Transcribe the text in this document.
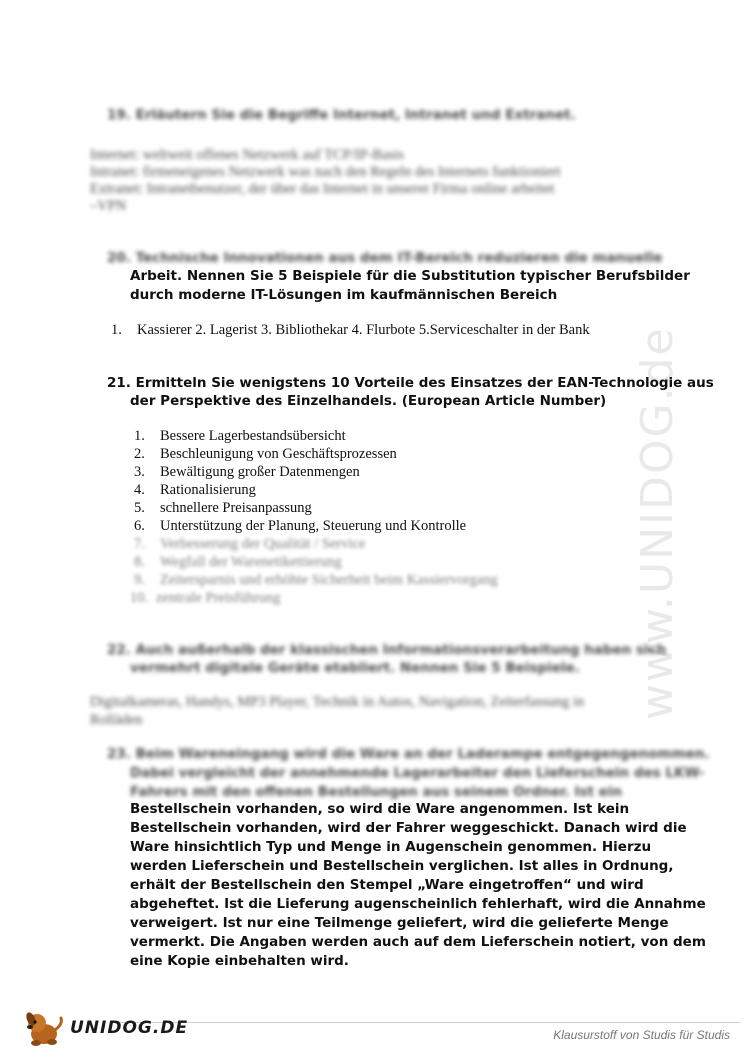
www.UNIDOG.de
19. Erläutern Sie die Begriffe Internet, Intranet und Extranet.
Internet: weltweit offenes Netzwerk auf TCP/IP-Basis
Intranet: firmeneigenes Netzwerk was nach den Regeln des Internets funktioniert
Extranet: Intranetbenutzer, der über das Internet in unserer Firma online arbeitet
–VPN
20. Technische Innovationen aus dem IT-Bereich reduzieren die manuelle
Arbeit. Nennen Sie 5 Beispiele für die Substitution typischer Berufsbilder
durch moderne IT-Lösungen im kaufmännischen Bereich
1. Kassierer 2. Lagerist 3. Bibliothekar 4. Flurbote 5.Serviceschalter in der Bank
21. Ermitteln Sie wenigstens 10 Vorteile des Einsatzes der EAN-Technologie aus
der Perspektive des Einzelhandels. (European Article Number)
1. Bessere Lagerbestandsübersicht
2. Beschleunigung von Geschäftsprozessen
3. Bewältigung großer Datenmengen
4. Rationalisierung
5. schnellere Preisanpassung
6. Unterstützung der Planung, Steuerung und Kontrolle
7. Verbesserung der Qualität / Service
8. Wegfall der Warenetikettierung
9. Zeitersparnis und erhöhte Sicherheit beim Kassiervorgang
10. zentrale Preisführung
22. Auch außerhalb der klassischen Informationsverarbeitung haben sich
vermehrt digitale Geräte etabliert. Nennen Sie 5 Beispiele.
Digitalkameras, Handys, MP3 Player, Technik in Autos, Navigation, Zeiterfassung in
Rolläden
23. Beim Wareneingang wird die Ware an der Laderampe entgegengenommen.
Dabei vergleicht der annehmende Lagerarbeiter den Lieferschein des LKW-
Fahrers mit den offenen Bestellungen aus seinem Ordner. Ist ein
Bestellschein vorhanden, so wird die Ware angenommen. Ist kein
Bestellschein vorhanden, wird der Fahrer weggeschickt. Danach wird die
Ware hinsichtlich Typ und Menge in Augenschein genommen. Hierzu
werden Lieferschein und Bestellschein verglichen. Ist alles in Ordnung,
erhält der Bestellschein den Stempel „Ware eingetroffen“ und wird
abgeheftet. Ist die Lieferung augenscheinlich fehlerhaft, wird die Annahme
verweigert. Ist nur eine Teilmenge geliefert, wird die gelieferte Menge
vermerkt. Die Angaben werden auch auf dem Lieferschein notiert, von dem
eine Kopie einbehalten wird.
UNIDOG.DE	Klausurstoff von Studis für Studis
